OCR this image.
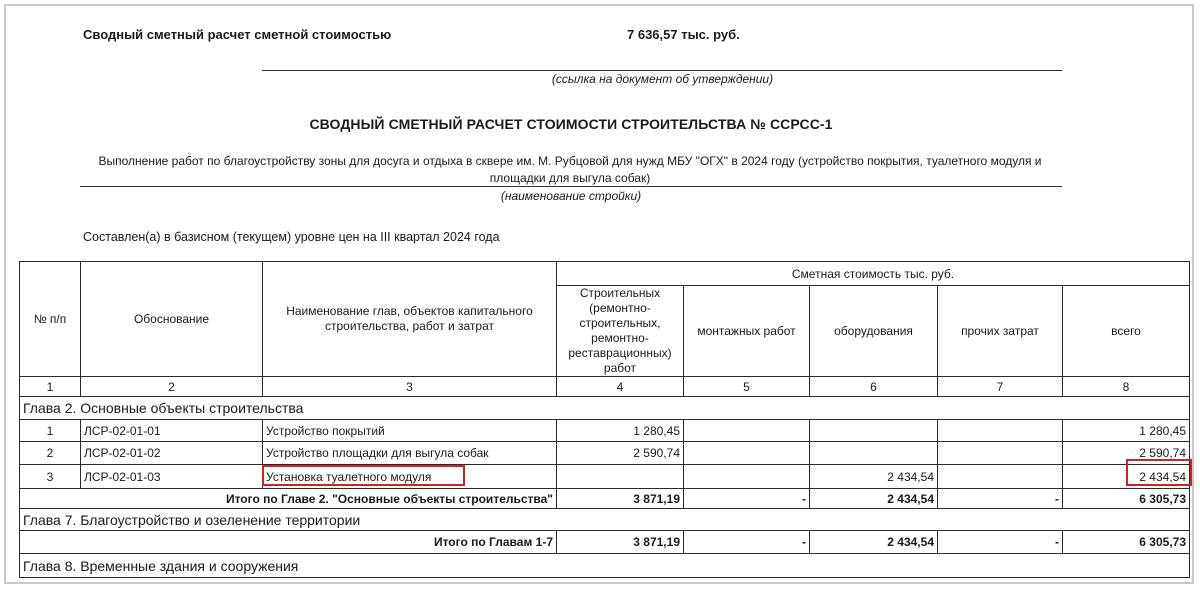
Сводный сметный расчет сметной стоимостью	7 636,57 тыс. руб.
(ссылка на документ об утверждении)
СВОДНЫЙ СМЕТНЫЙ РАСЧЕТ СТОИМОСТИ СТРОИТЕЛЬСТВА № ССРСС-1
Выполнение работ по благоустройству зоны для досуга и отдыха в сквере им. М. Рубцовой для нужд МБУ "ОГХ" в 2024 году (устройство покрытия, туалетного модуля и площадки для выгула собак)
(наименование стройки)
Составлен(а) в базисном (текущем) уровне цен на III квартал 2024 года
№ п/п	Обоснование	Наименование глав, объектов капитального строительства, работ и затрат	Сметная стоимость тыс. руб.				
			Строительных (ремонтно-строительных, ремонтно- реставрационных) работ	монтажных работ	оборудования	прочих затрат	всего
1	2	3	4	5	6	7	8
Глава 2. Основные объекты строительства							
1	ЛСР-02-01-01	Устройство покрытий	1 280,45				1 280,45
2	ЛСР-02-01-02	Устройство площадки для выгула собак	2 590,74				2 590,74
3	ЛСР-02-01-03	Установка туалетного модуля			2 434,54		2 434,54
Итого по Главе 2. "Основные объекты строительства"			3 871,19	-	2 434,54	-	6 305,73
Глава 7. Благоустройство и озеленение территории							
	Итого по Главам 1-7		3 871,19	-	2 434,54	-	6 305,73
Глава 8. Временные здания и сооружения							
